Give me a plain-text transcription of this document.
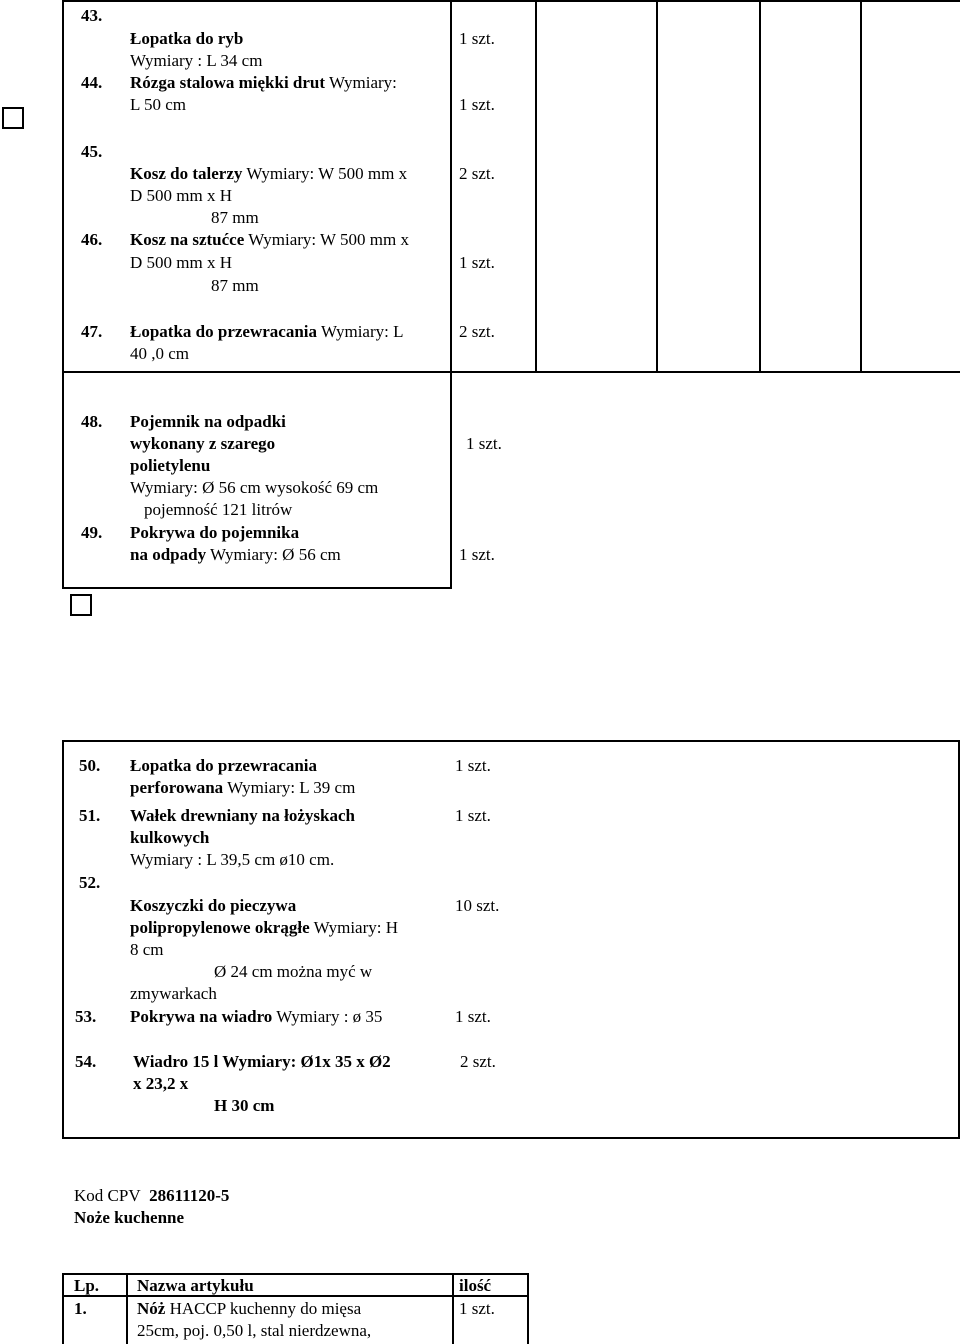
43.
Łopatka do ryb
Wymiary : L 34 cm
1 szt.
44. Rózga stalowa miękki drut Wymiary:
L 50 cm	1 szt.
45.
Kosz do talerzy Wymiary: W 500 mm x
D 500 mm x H
87 mm
2 szt.
46. Kosz na sztućce Wymiary: W 500 mm x
D 500 mm x H
87 mm
1 szt.
47. Łopatka do przewracania Wymiary: L
40 ,0 cm
2 szt.
48. Pojemnik na odpadki
wykonany z szarego
polietylenu
Wymiary: Ø 56 cm wysokość 69 cm
pojemność 121 litrów
1 szt.
49. Pokrywa do pojemnika
na odpady Wymiary: Ø 56 cm	1 szt.
50. Łopatka do przewracania
perforowana Wymiary: L 39 cm
1 szt.
51. Wałek drewniany na łożyskach
kulkowych
Wymiary : L 39,5 cm ø10 cm.
1 szt.
52.
Koszyczki do pieczywa
polipropylenowe okrągłe Wymiary: H
8 cm
Ø 24 cm można myć w
zmywarkach
10 szt.
53. Pokrywa na wiadro Wymiary : ø 35	1 szt.
54. Wiadro 15 l Wymiary: Ø1x 35 x Ø2
x 23,2 x
H 30 cm
2 szt.
Kod CPV 28611120-5
Noże kuchenne
Lp. Nazwa artykułu	ilość
1.	Nóż HACCP kuchenny do mięsa
25cm, poj. 0,50 l, stal nierdzewna,
1 szt.
